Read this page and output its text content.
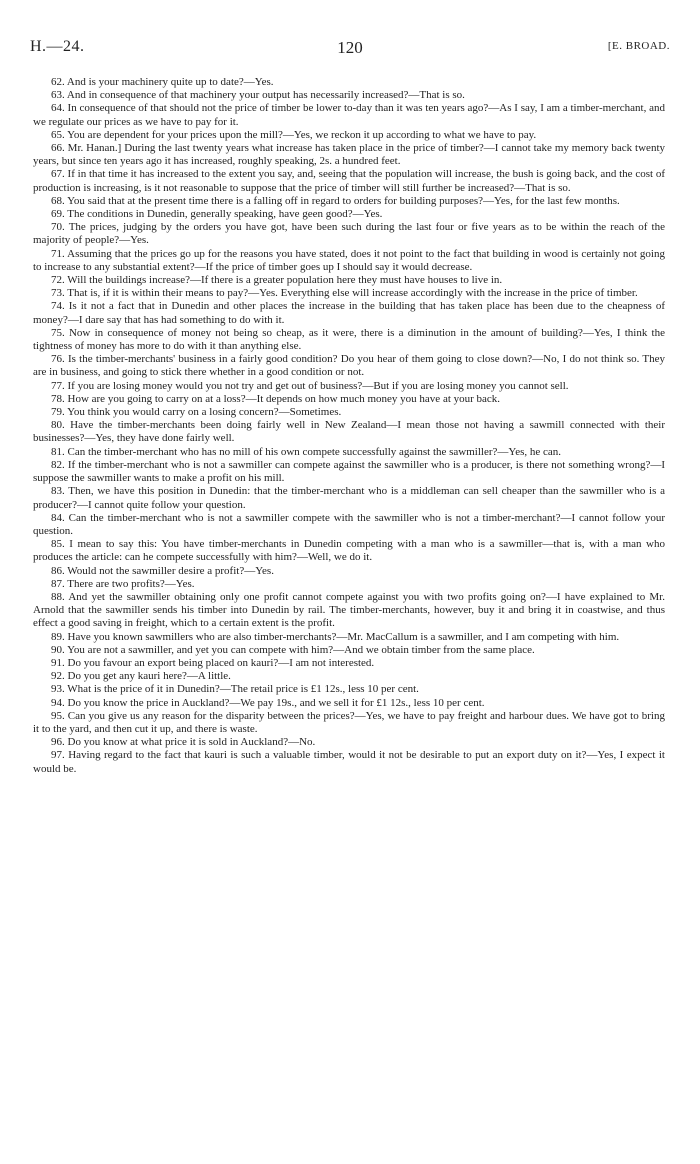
H.—24.	120	[E. BROAD.

62. And is your machinery quite up to date?—Yes.

63. And in consequence of that machinery your output has necessarily increased?—That is so.

64. In consequence of that should not the price of timber be lower to-day than it was ten years ago?—As I say, I am a timber-merchant, and we regulate our prices as we have to pay for it.

65. You are dependent for your prices upon the mill?—Yes, we reckon it up according to what we have to pay.

66. Mr. Hanan.] During the last twenty years what increase has taken place in the price of timber?—I cannot take my memory back twenty years, but since ten years ago it has increased, roughly speaking, 2s. a hundred feet.

67. If in that time it has increased to the extent you say, and, seeing that the population will increase, the bush is going back, and the cost of production is increasing, is it not reasonable to suppose that the price of timber will still further be increased?—That is so.

68. You said that at the present time there is a falling off in regard to orders for building purposes?—Yes, for the last few months.

69. The conditions in Dunedin, generally speaking, have geen good?—Yes.

70. The prices, judging by the orders you have got, have been such during the last four or five years as to be within the reach of the majority of people?—Yes.

71. Assuming that the prices go up for the reasons you have stated, does it not point to the fact that building in wood is certainly not going to increase to any substantial extent?—If the price of timber goes up I should say it would decrease.

72. Will the buildings increase?—If there is a greater population here they must have houses to live in.

73. That is, if it is within their means to pay?—Yes. Everything else will increase accordingly with the increase in the price of timber.

74. Is it not a fact that in Dunedin and other places the increase in the building that has taken place has been due to the cheapness of money?—I dare say that has had something to do with it.

75. Now in consequence of money not being so cheap, as it were, there is a diminution in the amount of building?—Yes, I think the tightness of money has more to do with it than anything else.

76. Is the timber-merchants' business in a fairly good condition? Do you hear of them going to close down?—No, I do not think so. They are in business, and going to stick there whether in a good condition or not.

77. If you are losing money would you not try and get out of business?—But if you are losing money you cannot sell.

78. How are you going to carry on at a loss?—It depends on how much money you have at your back.

79. You think you would carry on a losing concern?—Sometimes.

80. Have the timber-merchants been doing fairly well in New Zealand—I mean those not having a sawmill connected with their businesses?—Yes, they have done fairly well.

81. Can the timber-merchant who has no mill of his own compete successfully against the sawmiller?—Yes, he can.

82. If the timber-merchant who is not a sawmiller can compete against the sawmiller who is a producer, is there not something wrong?—I suppose the sawmiller wants to make a profit on his mill.

83. Then, we have this position in Dunedin: that the timber-merchant who is a middleman can sell cheaper than the sawmiller who is a producer?—I cannot quite follow your question.

84. Can the timber-merchant who is not a sawmiller compete with the sawmiller who is not a timber-merchant?—I cannot follow your question.

85. I mean to say this: You have timber-merchants in Dunedin competing with a man who is a sawmiller—that is, with a man who produces the article: can he compete successfully with him?—Well, we do it.

86. Would not the sawmiller desire a profit?—Yes.

87. There are two profits?—Yes.

88. And yet the sawmiller obtaining only one profit cannot compete against you with two profits going on?—I have explained to Mr. Arnold that the sawmiller sends his timber into Dunedin by rail. The timber-merchants, however, buy it and bring it in coastwise, and thus effect a good saving in freight, which to a certain extent is the profit.

89. Have you known sawmillers who are also timber-merchants?—Mr. MacCallum is a sawmiller, and I am competing with him.

90. You are not a sawmiller, and yet you can compete with him?—And we obtain timber from the same place.

91. Do you favour an export being placed on kauri?—I am not interested.

92. Do you get any kauri here?—A little.

93. What is the price of it in Dunedin?—The retail price is £1 12s., less 10 per cent.

94. Do you know the price in Auckland?—We pay 19s., and we sell it for £1 12s., less 10 per cent.

95. Can you give us any reason for the disparity between the prices?—Yes, we have to pay freight and harbour dues. We have got to bring it to the yard, and then cut it up, and there is waste.

96. Do you know at what price it is sold in Auckland?—No.

97. Having regard to the fact that kauri is such a valuable timber, would it not be desirable to put an export duty on it?—Yes, I expect it would be.
